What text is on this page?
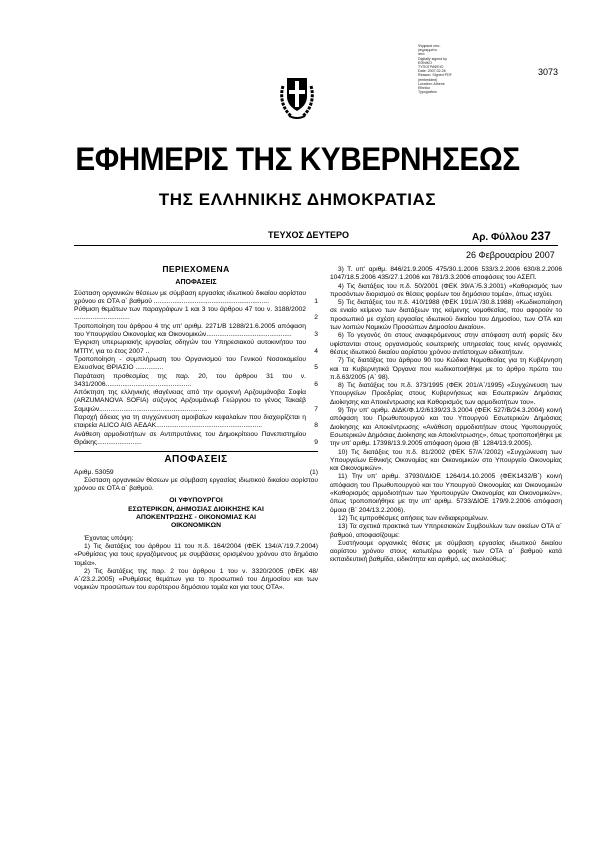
Ψηφιακά υπο-
γεγραμμένο
από
Digitally signed by
ΕΘΝΙΚΟ
ΤΥΠΟΓΡΑΦΕΙΟ
Date: 2007.02.26
Reason: Signed PDF
(embedded)
Location: Athens
Ethniko
Typografeio
3073
ΕΦΗΜΕΡΙΣ ΤΗΣ ΚΥΒΕΡΝΗΣΕΩΣ
ΤΗΣ ΕΛΛΗΝΙΚΗΣ ΔΗΜΟΚΡΑΤΙΑΣ
ΤΕΥΧΟΣ ΔΕΥΤΕΡΟ	Αρ. Φύλλου 237
26 Φεβρουαρίου 2007
ΠΕΡΙΕΧΟΜΕΝΑ
ΑΠΟΦΑΣΕΙΣ
Σύσταση οργανικών θέσεων με σύμβαση εργασίας ιδιωτικού δικαίου αορίστου χρόνου σε ΟΤΑ α΄ βαθμού ..............................................................	1
Ρύθμιση θεμάτων των παραγράφων 1 και 3 του άρθρου 47 του ν. 3188/2002 ..............................	2
Τροποποίηση του άρθρου 4 της υπ' αριθμ. 2271/Β 1288/21.6.2005 απόφαση του Υπουργείου Οικονομίας και Οικονομικών..............................................	3
Έγκριση υπερωριακής εργασίας οδηγών του Υπηρεσιακού αυτοκινήτου του ΜΤΠΥ, για το έτος 2007 ..	4
Τροποποίηση - συμπλήρωση του Οργανισμού του Γενικού Νοσοκομείου Ελευσίνας ΘΡΙΑΣΙΟ ...............	5
Παράταση προθεσμίας της παρ. 20, του άρθρου 31 του ν. 3431/2006..............................................	6
Απόκτηση της ελληνικής ιθαγένειας από την ομογενή Αρζουμάνοβα Σοφία (ARZUMANOVA SOFIA) σύζυγος Αρζουμάνωβ Γεώργιου το γένος Τακαέβ Σαμψών..........................................................	7
Παροχή άδειας για τη συγχώνευση αμοιβαίων κεφαλαίων που διαχειρίζεται η εταιρεία ALICO AIG ΑΕΔΑΚ.........................................................	8
Ανάθεση αρμοδιοτήτων σε Αντιπρυτάνεις του Δημοκρίτειου Πανεπιστημίου Θράκης........................	9
ΑΠΟΦΑΣΕΙΣ
Αριθμ. 53059	(1)

Σύσταση οργανικών θέσεων με σύμβαση εργασίας ιδιωτικού δικαίου αορίστου χρόνου σε ΟΤΑ α΄ βαθμού.

ΟΙ ΥΦΥΠΟΥΡΓΟΙ
ΕΣΩΤΕΡΙΚΩΝ, ΔΗΜΟΣΙΑΣ ΔΙΟΙΚΗΣΗΣ ΚΑΙ
ΑΠΟΚΕΝΤΡΩΣΗΣ - ΟΙΚΟΝΟΜΙΑΣ ΚΑΙ
ΟΙΚΟΝΟΜΙΚΩΝ

Έχοντας υπόψη:

1) Τις διατάξεις του άρθρου 11 του π.δ. 164/2004 (ΦΕΚ 134/Α΄/19.7.2004) «Ρυθμίσεις για τους εργαζόμενους με συμβάσεις ορισμένου χρόνου στο δημόσιο τομέα».

2) Τις διατάξεις της παρ. 2 του άρθρου 1 του ν. 3320/2005 (ΦΕΚ 48/Α΄/23.2.2005) «Ρυθμίσεις θεμάτων για το προσωπικό του Δημοσίου και των νομικών προσώπων του ευρύτερου δημόσιου τομέα και για τους ΟΤΑ».

3) Τ. υπ' αριθμ. 846/21.9.2005 475/30.1.2006 533/3.2.2006 630/8.2.2006 1047/18.5.2006 435/27.1.2006 και 781/3.3.2006 αποφάσεις του ΑΣΕΠ.

4) Τις διατάξεις του π.δ. 50/2001 (ΦΕΚ 39/Α΄/5.3.2001) «Καθορισμός των προσόντων διορισμού σε θέσεις φορέων του δημόσιου τομέα», όπως ισχύει.

5) Τις διατάξεις του π.δ. 410/1988 (ΦΕΚ 191/Α΄/30.8.1988) «Κωδικοποίηση σε ενιαίο κείμενο των διατάξεων της κείμενης νομοθεσίας, που αφορούν το προσωπικό με σχέση εργασίας ιδιωτικού δικαίου του Δημοσίου, των ΟΤΑ και των λοιπών Νομικών Προσώπων Δημοσίου Δικαίου».

6) Το γεγονός ότι στους αναφερόμενους στην απόφαση αυτή φορείς δεν υφίστανται στους οργανισμούς εσωτερικής υπηρεσίας τους κενές οργανικές θέσεις ιδιωτικού δικαίου αορίστου χρόνου αντίστοιχων ειδικοτήτων.

7) Τις διατάξεις του άρθρου 90 του Κώδικα Νομοθεσίας για τη Κυβέρνηση και τα Κυβερνητικά Όργανα που κωδικοποιήθηκε με το άρθρο πρώτο του π.δ.63/2005 (Α΄ 98).

8) Τις διατάξεις του π.δ. 373/1995 (ΦΕΚ 201/Α΄/1995) «Συγχώνευση των Υπουργείων Προεδρίας στους Κυβερνήσεως και Εσωτερικών Δημόσιας Διοίκησης και Αποκέντρωσης και Καθορισμός των αρμοδιοτήτων του».

9) Την υπ' αριθμ. ΔΙΔΚ/Φ.1/2/6139/23.3.2004 (ΦΕΚ 527/Β/24.3.2004) κοινή απόφαση του Πρωθυπουργού και του Υπουργού Εσωτερικών Δημόσιας Διοίκησης και Αποκέντρωσης «Ανάθεση αρμοδιοτήτων στους Υφυπουργούς Εσωτερικών Δημόσιας Διοίκησης και Αποκέντρωσης», όπως τροποποιήθηκε με την υπ' αριθμ. 17398/13.9.2005 απόφαση όμοια (Β΄ 1284/13.9.2005).

10) Τις διατάξεις του π.δ. 81/2002 (ΦΕΚ 57/Α΄/2002) «Συγχώνευση των Υπουργείων Εθνικής Οικονομίας και Οικονομικών στο Υπουργείο Οικονομίας και Οικονομικών».

11) Την υπ' αριθμ. 37930/ΔΙΟΕ 1264/14.10.2005 (ΦΕΚ1432/Β΄) κοινή απόφαση του Πρωθυπουργού και του Υπουργού Οικονομίας και Οικονομικών «Καθορισμός αρμοδιοτήτων των Υφυπουργών Οικονομίας και Οικονομικών», όπως τροποποιήθηκε με την υπ' αριθμ. 5733/ΔΙΟΕ 179/9.2.2006 απόφαση όμοια (Β΄ 204/13.2.2006).

12) Τις εμπροθέσμες αιτήσεις των ενδιαφερομένων.

13) Τα σχετικά πρακτικά των Υπηρεσιακών Συμβουλίων των οικείων ΟΤΑ α΄ βαθμού, αποφασίζουμε:

Συστήνουμε οργανικές θέσεις με σύμβαση εργασίας ιδιωτικού δικαίου αορίστου χρόνου στους κατωτέρω φορείς των ΟΤΑ α΄ βαθμού κατά εκπαιδευτική βαθμίδα, ειδικότητα και αριθμό, ως ακολούθως:
